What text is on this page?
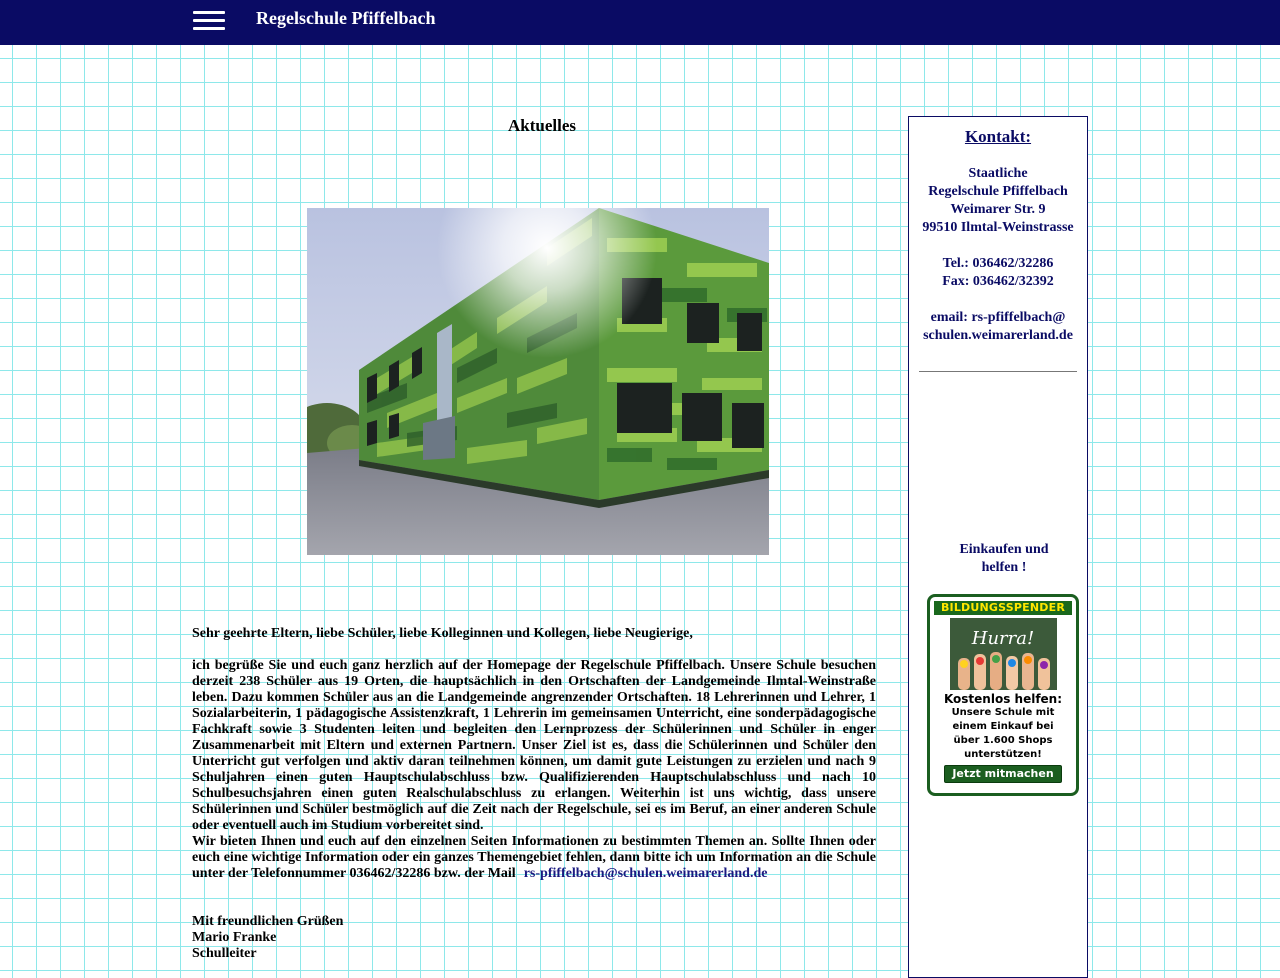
Regelschule Pfiffelbach
Aktuelles

Sehr geehrte Eltern, liebe Schüler, liebe Kolleginnen und Kollegen, liebe Neugierige,

ich begrüße Sie und euch ganz herzlich auf der Homepage der Regelschule Pfiffelbach. Unsere Schule besuchen derzeit 238 Schüler aus 19 Orten, die hauptsächlich in den Ortschaften der Landgemeinde Ilmtal-Weinstraße leben. Dazu kommen Schüler aus an die Landgemeinde angrenzender Ortschaften. 18 Lehrerinnen und Lehrer, 1 Sozialarbeiterin, 1 pädagogische Assistenzkraft, 1 Lehrerin im gemeinsamen Unterricht, eine sonderpädagogische Fachkraft sowie 3 Studenten leiten und begleiten den Lernprozess der Schülerinnen und Schüler in enger Zusammenarbeit mit Eltern und externen Partnern. Unser Ziel ist es, dass die Schülerinnen und Schüler den Unterricht gut verfolgen und aktiv daran teilnehmen können, um damit gute Leistungen zu erzielen und nach 9 Schuljahren einen guten Hauptschulabschluss bzw. Qualifizierenden Hauptschulabschluss und nach 10 Schulbesuchsjahren einen guten Realschulabschluss zu erlangen. Weiterhin ist uns wichtig, dass unsere Schülerinnen und Schüler bestmöglich auf die Zeit nach der Regelschule, sei es im Beruf, an einer anderen Schule oder eventuell auch im Studium vorbereitet sind.

Wir bieten Ihnen und euch auf den einzelnen Seiten Informationen zu bestimmten Themen an. Sollte Ihnen oder euch eine wichtige Information oder ein ganzes Themengebiet fehlen, dann bitte ich um Information an die Schule unter der Telefonnummer 036462/32286 bzw. der Mail rs-pfiffelbach@schulen.weimarerland.de

Mit freundlichen Grüßen

Mario Franke

Schulleiter

Kontakt:
Staatliche
Regelschule Pfiffelbach
Weimarer Str. 9
99510 Ilmtal-Weinstrasse
Tel.: 036462/32286
Fax: 036462/32392
email: rs-pfiffelbach@
schulen.weimarerland.de
Einkaufen und
helfen !
BILDUNGSSPENDER
Hurra!
Kostenlos helfen:
Unsere Schule mit
einem Einkauf bei
über 1.600 Shops
unterstützen!
Jetzt mitmachen
